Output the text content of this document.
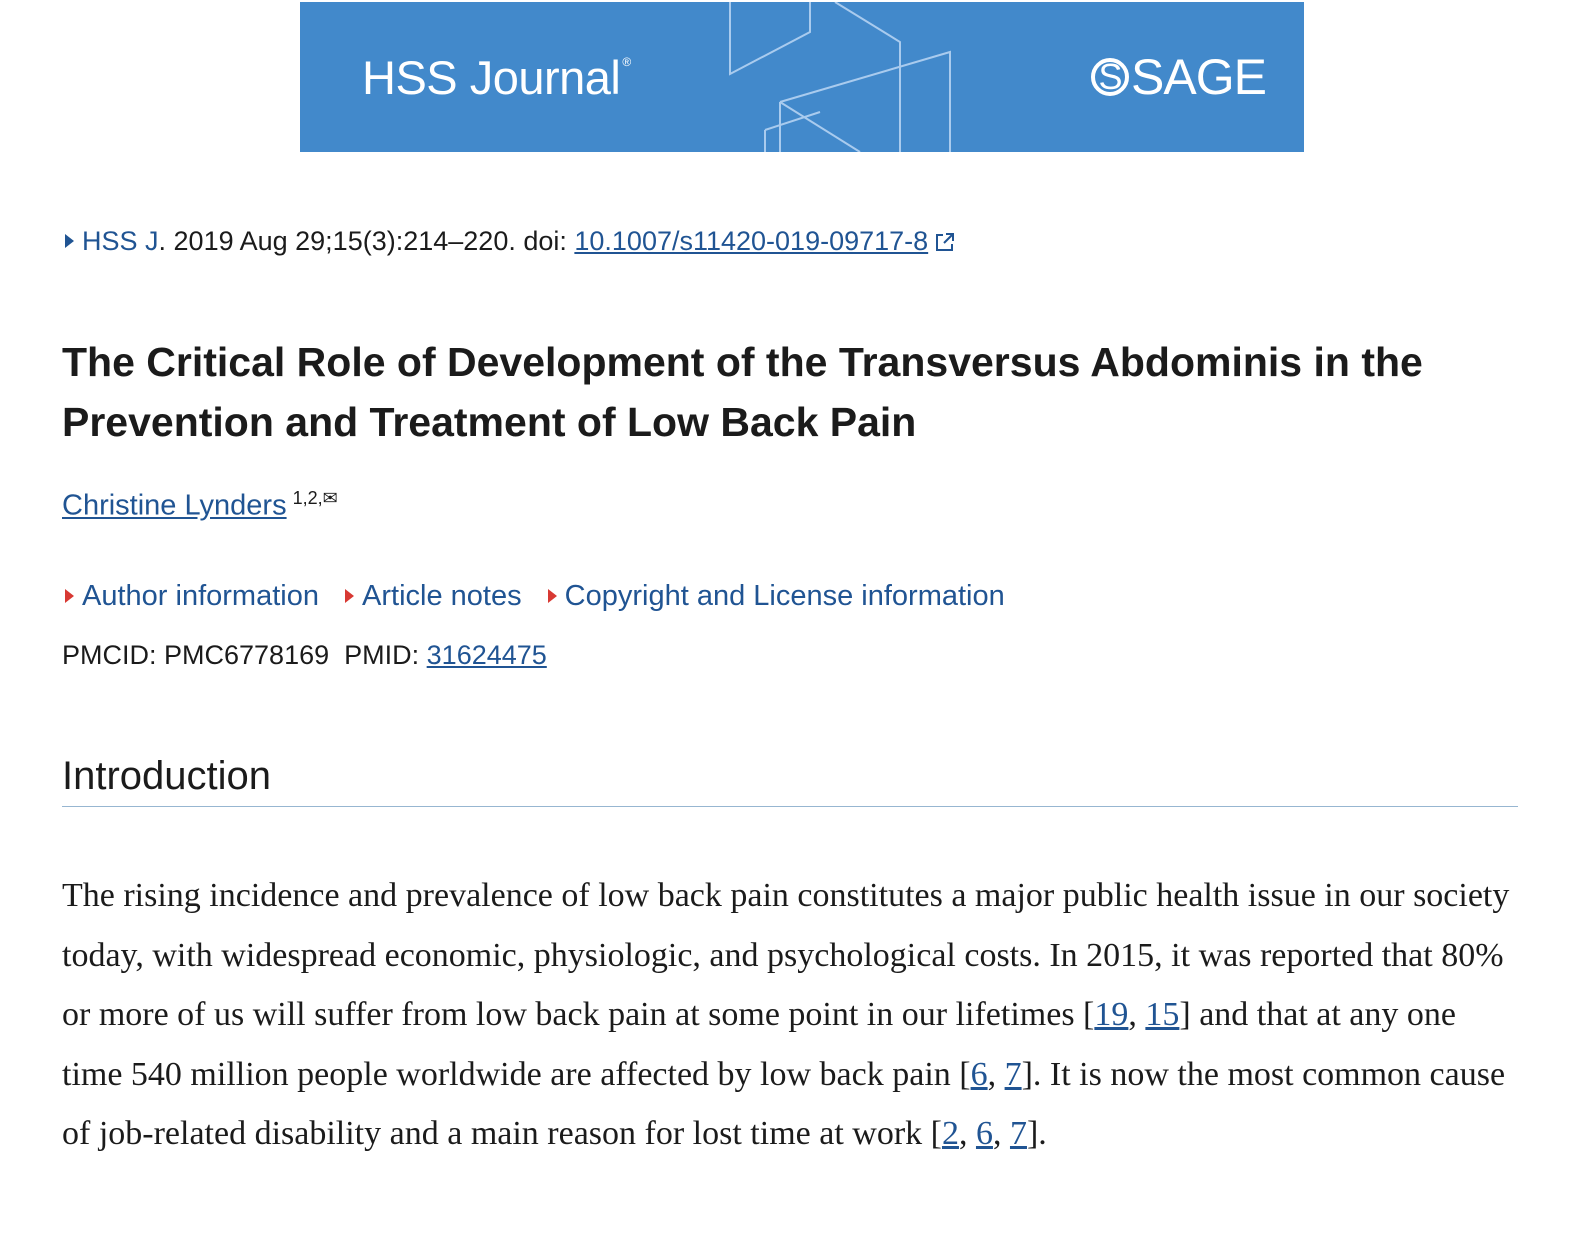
HSS Journal ®	S SAGE
HSS J. 2019 Aug 29;15(3):214–220. doi: 10.1007/s11420-019-09717-8
The Critical Role of Development of the Transversus Abdominis in the Prevention and Treatment of Low Back Pain
Christine Lynders $^{1,2,✉}$
Author information Article notes Copyright and License information
PMCID: PMC6778169 PMID: 31624475
Introduction

The rising incidence and prevalence of low back pain constitutes a major public health issue in our society today, with widespread economic, physiologic, and psychological costs. In 2015, it was reported that 80% or more of us will suffer from low back pain at some point in our lifetimes [19, 15] and that at any one time 540 million people worldwide are affected by low back pain [6, 7]. It is now the most common cause of job-related disability and a main reason for lost time at work [2, 6, 7].
